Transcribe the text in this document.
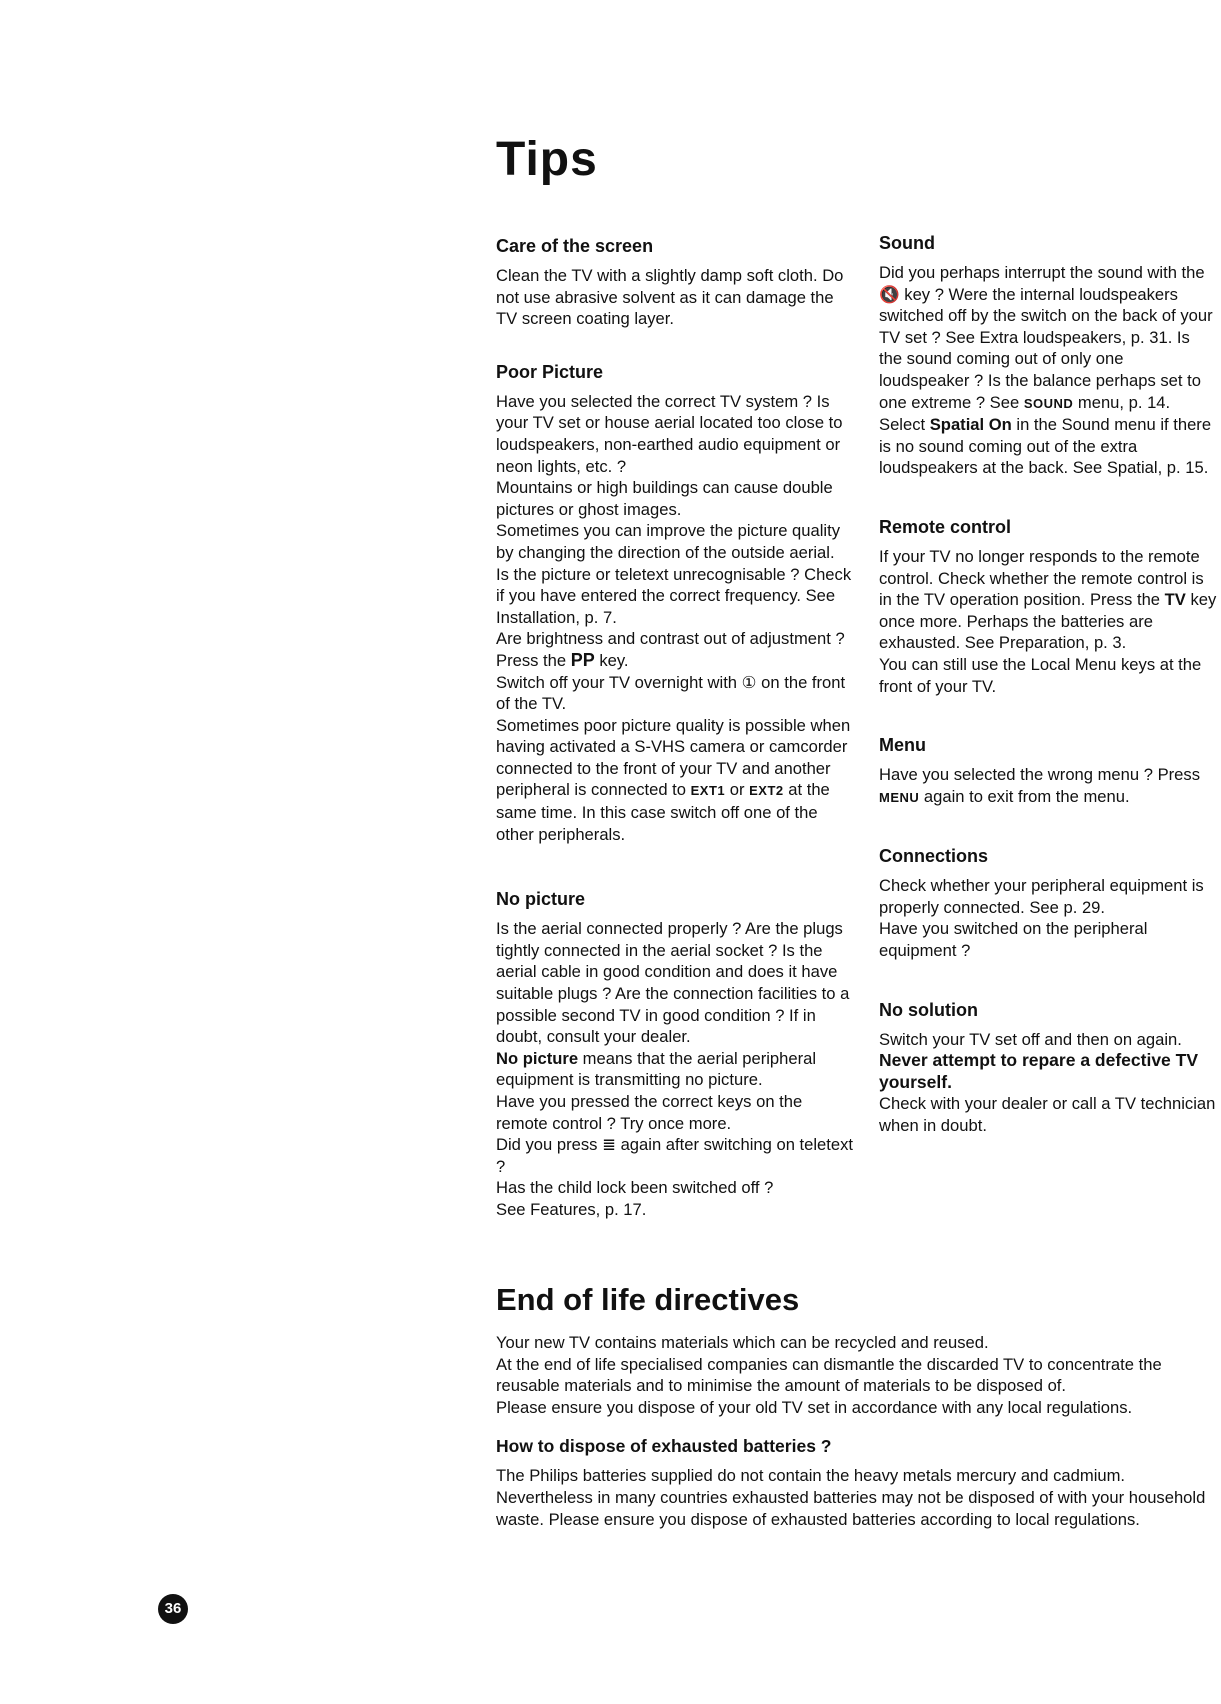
Tips
Care of the screen

Clean the TV with a slightly damp soft cloth. Do not use abrasive solvent as it can damage the TV screen coating layer.

Poor Picture

Have you selected the correct TV system ? Is your TV set or house aerial located too close to loudspeakers, non-earthed audio equipment or neon lights, etc. ?

Mountains or high buildings can cause double pictures or ghost images.

Sometimes you can improve the picture quality by changing the direction of the outside aerial.

Is the picture or teletext unrecognisable ? Check if you have entered the correct frequency. See Installation, p. 7.

Are brightness and contrast out of adjustment ? Press the PP key.

Switch off your TV overnight with ① on the front of the TV.

Sometimes poor picture quality is possible when having activated a S-VHS camera or camcorder connected to the front of your TV and another peripheral is connected to EXT1 or EXT2 at the same time. In this case switch off one of the other peripherals.

No picture

Is the aerial connected properly ? Are the plugs tightly connected in the aerial socket ? Is the aerial cable in good condition and does it have suitable plugs ? Are the connection facilities to a possible second TV in good condition ? If in doubt, consult your dealer.

No picture means that the aerial peripheral equipment is transmitting no picture.

Have you pressed the correct keys on the remote control ? Try once more.

Did you press ≣ again after switching on teletext ?

Has the child lock been switched off ?

See Features, p. 17.

Sound

Did you perhaps interrupt the sound with the 🔇 key ? Were the internal loudspeakers switched off by the switch on the back of your TV set ? See Extra loudspeakers, p. 31. Is the sound coming out of only one loudspeaker ? Is the balance perhaps set to one extreme ? See SOUND menu, p. 14.

Select Spatial On in the Sound menu if there is no sound coming out of the extra loudspeakers at the back. See Spatial, p. 15.

Remote control

If your TV no longer responds to the remote control. Check whether the remote control is in the TV operation position. Press the TV key once more. Perhaps the batteries are exhausted. See Preparation, p. 3.

You can still use the Local Menu keys at the front of your TV.

Menu

Have you selected the wrong menu ? Press MENU again to exit from the menu.

Connections

Check whether your peripheral equipment is properly connected. See p. 29.

Have you switched on the peripheral equipment ?

No solution

Switch your TV set off and then on again.

Never attempt to repare a defective TV yourself.

Check with your dealer or call a TV technician when in doubt.

End of life directives

Your new TV contains materials which can be recycled and reused.

At the end of life specialised companies can dismantle the discarded TV to concentrate the reusable materials and to minimise the amount of materials to be disposed of.

Please ensure you dispose of your old TV set in accordance with any local regulations.

How to dispose of exhausted batteries ?

The Philips batteries supplied do not contain the heavy metals mercury and cadmium. Nevertheless in many countries exhausted batteries may not be disposed of with your household waste. Please ensure you dispose of exhausted batteries according to local regulations.

36
